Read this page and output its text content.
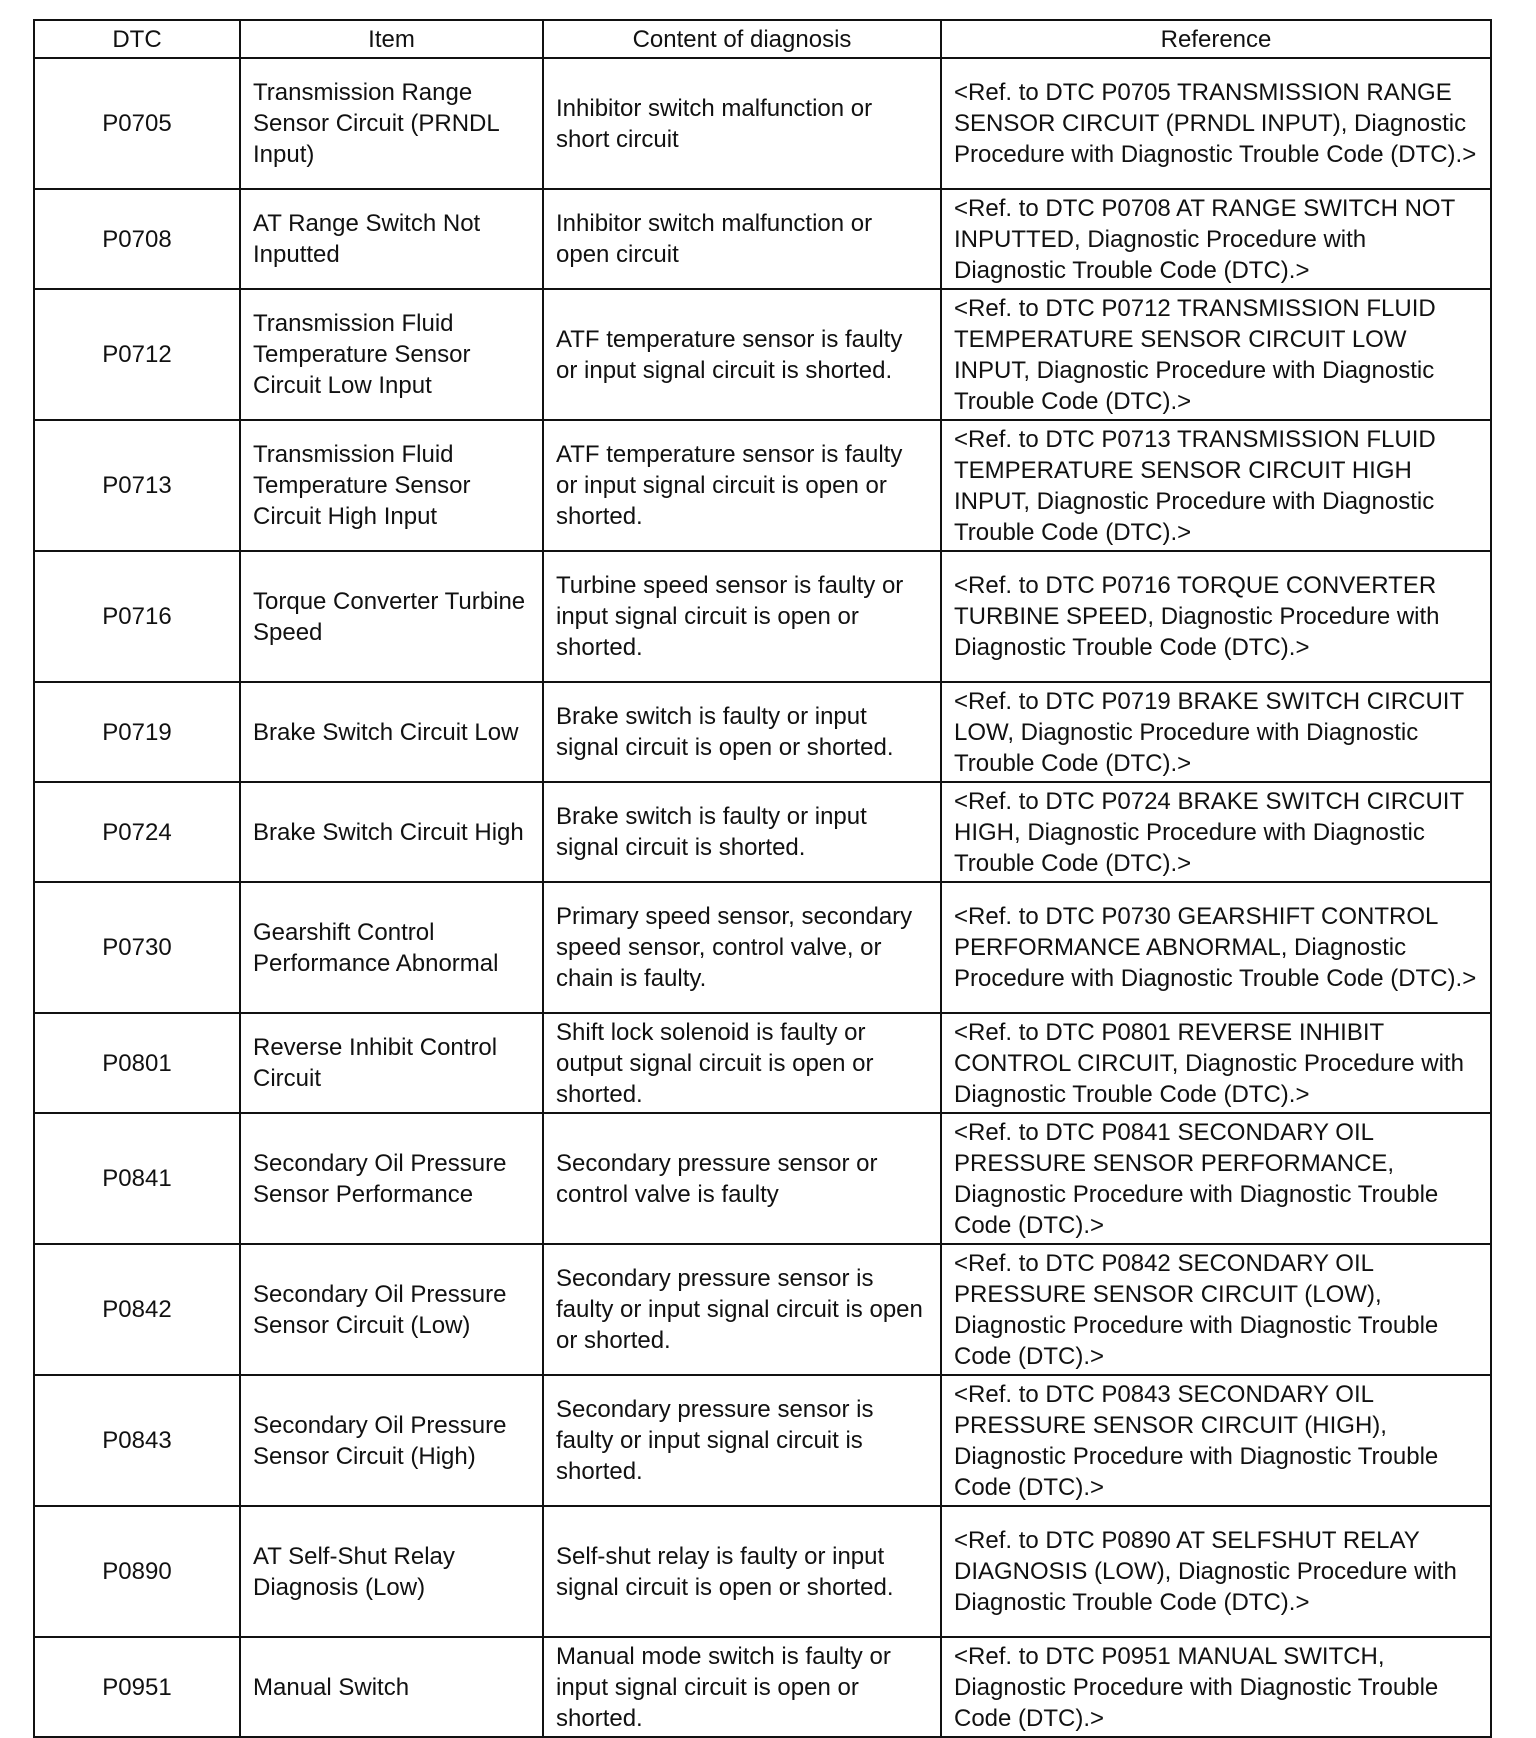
DTC	Item	Content of diagnosis	Reference
P0705	Transmission Range Sensor Circuit (PRNDL Input)	Inhibitor switch malfunction or short circuit	<Ref. to DTC P0705 TRANSMISSION RANGE SENSOR CIRCUIT (PRNDL INPUT), Diagnostic Procedure with Diagnostic Trouble Code (DTC).>
P0708	AT Range Switch Not Inputted	Inhibitor switch malfunction or open circuit	<Ref. to DTC P0708 AT RANGE SWITCH NOT INPUTTED, Diagnostic Procedure with Diagnostic Trouble Code (DTC).>
P0712	Transmission Fluid Temperature Sensor Circuit Low Input	ATF temperature sensor is faulty or input signal circuit is shorted.	<Ref. to DTC P0712 TRANSMISSION FLUID TEMPERATURE SENSOR CIRCUIT LOW INPUT, Diagnostic Procedure with Diagnostic Trouble Code (DTC).>
P0713	Transmission Fluid Temperature Sensor Circuit High Input	ATF temperature sensor is faulty or input signal circuit is open or shorted.	<Ref. to DTC P0713 TRANSMISSION FLUID TEMPERATURE SENSOR CIRCUIT HIGH INPUT, Diagnostic Procedure with Diagnostic Trouble Code (DTC).>
P0716	Torque Converter Turbine Speed	Turbine speed sensor is faulty or input signal circuit is open or shorted.	<Ref. to DTC P0716 TORQUE CONVERTER TURBINE SPEED, Diagnostic Procedure with Diagnostic Trouble Code (DTC).>
P0719	Brake Switch Circuit Low	Brake switch is faulty or input signal circuit is open or shorted.	<Ref. to DTC P0719 BRAKE SWITCH CIRCUIT LOW, Diagnostic Procedure with Diagnostic Trouble Code (DTC).>
P0724	Brake Switch Circuit High	Brake switch is faulty or input signal circuit is shorted.	<Ref. to DTC P0724 BRAKE SWITCH CIRCUIT HIGH, Diagnostic Procedure with Diagnostic Trouble Code (DTC).>
P0730	Gearshift Control Performance Abnormal	Primary speed sensor, secondary speed sensor, control valve, or chain is faulty.	<Ref. to DTC P0730 GEARSHIFT CONTROL PERFORMANCE ABNORMAL, Diagnostic Procedure with Diagnostic Trouble Code (DTC).>
P0801	Reverse Inhibit Control Circuit	Shift lock solenoid is faulty or output signal circuit is open or shorted.	<Ref. to DTC P0801 REVERSE INHIBIT CONTROL CIRCUIT, Diagnostic Procedure with Diagnostic Trouble Code (DTC).>
P0841	Secondary Oil Pressure Sensor Performance	Secondary pressure sensor or control valve is faulty	<Ref. to DTC P0841 SECONDARY OIL PRESSURE SENSOR PERFORMANCE, Diagnostic Procedure with Diagnostic Trouble Code (DTC).>
P0842	Secondary Oil Pressure Sensor Circuit (Low)	Secondary pressure sensor is faulty or input signal circuit is open or shorted.	<Ref. to DTC P0842 SECONDARY OIL PRESSURE SENSOR CIRCUIT (LOW), Diagnostic Procedure with Diagnostic Trouble Code (DTC).>
P0843	Secondary Oil Pressure Sensor Circuit (High)	Secondary pressure sensor is faulty or input signal circuit is shorted.	<Ref. to DTC P0843 SECONDARY OIL PRESSURE SENSOR CIRCUIT (HIGH), Diagnostic Procedure with Diagnostic Trouble Code (DTC).>
P0890	AT Self-Shut Relay Diagnosis (Low)	Self-shut relay is faulty or input signal circuit is open or shorted.	<Ref. to DTC P0890 AT SELFSHUT RELAY DIAGNOSIS (LOW), Diagnostic Procedure with Diagnostic Trouble Code (DTC).>
P0951	Manual Switch	Manual mode switch is faulty or input signal circuit is open or shorted.	<Ref. to DTC P0951 MANUAL SWITCH, Diagnostic Procedure with Diagnostic Trouble Code (DTC).>
